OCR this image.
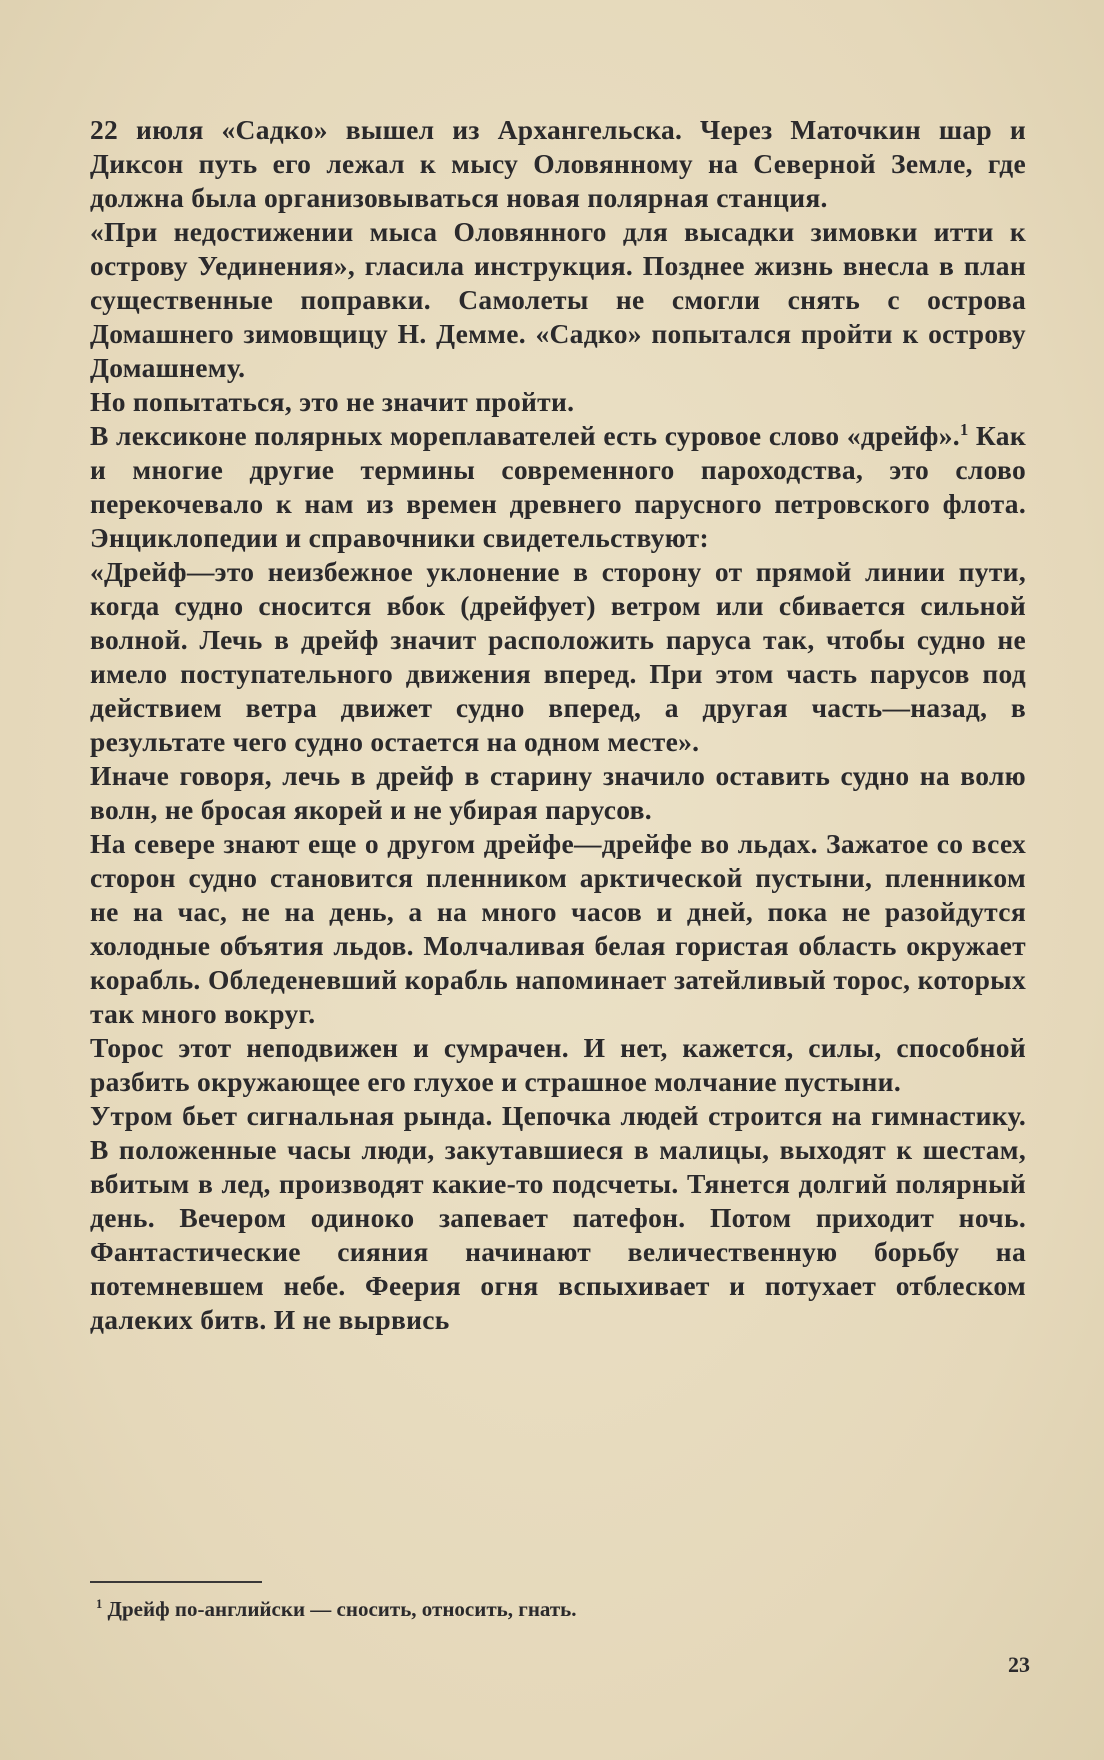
22 июля «Садко» вышел из Архангельска. Через Маточкин шар и Диксон путь его лежал к мысу Оловянному на Северной Земле, где должна была организовываться новая полярная станция.

«При недостижении мыса Оловянного для высадки зимовки итти к острову Уединения», гласила инструкция. Позднее жизнь внесла в план существенные поправки. Самолеты не смогли снять с острова Домашнего зимовщицу Н. Демме. «Садко» попытался пройти к острову Домашнему.

Но попытаться, это не значит пройти.

В лексиконе полярных мореплавателей есть суровое слово «дрейф».$^1$ Как и многие другие термины современного пароходства, это слово перекочевало к нам из времен древнего парусного петровского флота. Энциклопедии и справочники свидетельствуют:

«Дрейф—это неизбежное уклонение в сторону от прямой линии пути, когда судно сносится вбок (дрейфует) ветром или сбивается сильной волной. Лечь в дрейф значит расположить паруса так, чтобы судно не имело поступательного движения вперед. При этом часть парусов под действием ветра движет судно вперед, а другая часть—назад, в результате чего судно остается на одном месте».

Иначе говоря, лечь в дрейф в старину значило оставить судно на волю волн, не бросая якорей и не убирая парусов.

На севере знают еще о другом дрейфе—дрейфе во льдах. Зажатое со всех сторон судно становится пленником арктической пустыни, пленником не на час, не на день, а на много часов и дней, пока не разойдутся холодные объятия льдов. Молчаливая белая гористая область окружает корабль. Обледеневший корабль напоминает затейливый торос, которых так много вокруг.

Торос этот неподвижен и сумрачен. И нет, кажется, силы, способной разбить окружающее его глухое и страшное молчание пустыни.

Утром бьет сигнальная рында. Цепочка людей строится на гимнастику. В положенные часы люди, закутавшиеся в малицы, выходят к шестам, вбитым в лед, производят какие-то подсчеты. Тянется долгий полярный день. Вечером одиноко запевает патефон. Потом приходит ночь. Фантастические сияния начинают величественную борьбу на потемневшем небе. Феерия огня вспыхивает и потухает отблеском далеких битв. И не вырвись

$^1$ Дрейф по-английски — сносить, относить, гнать.
23
